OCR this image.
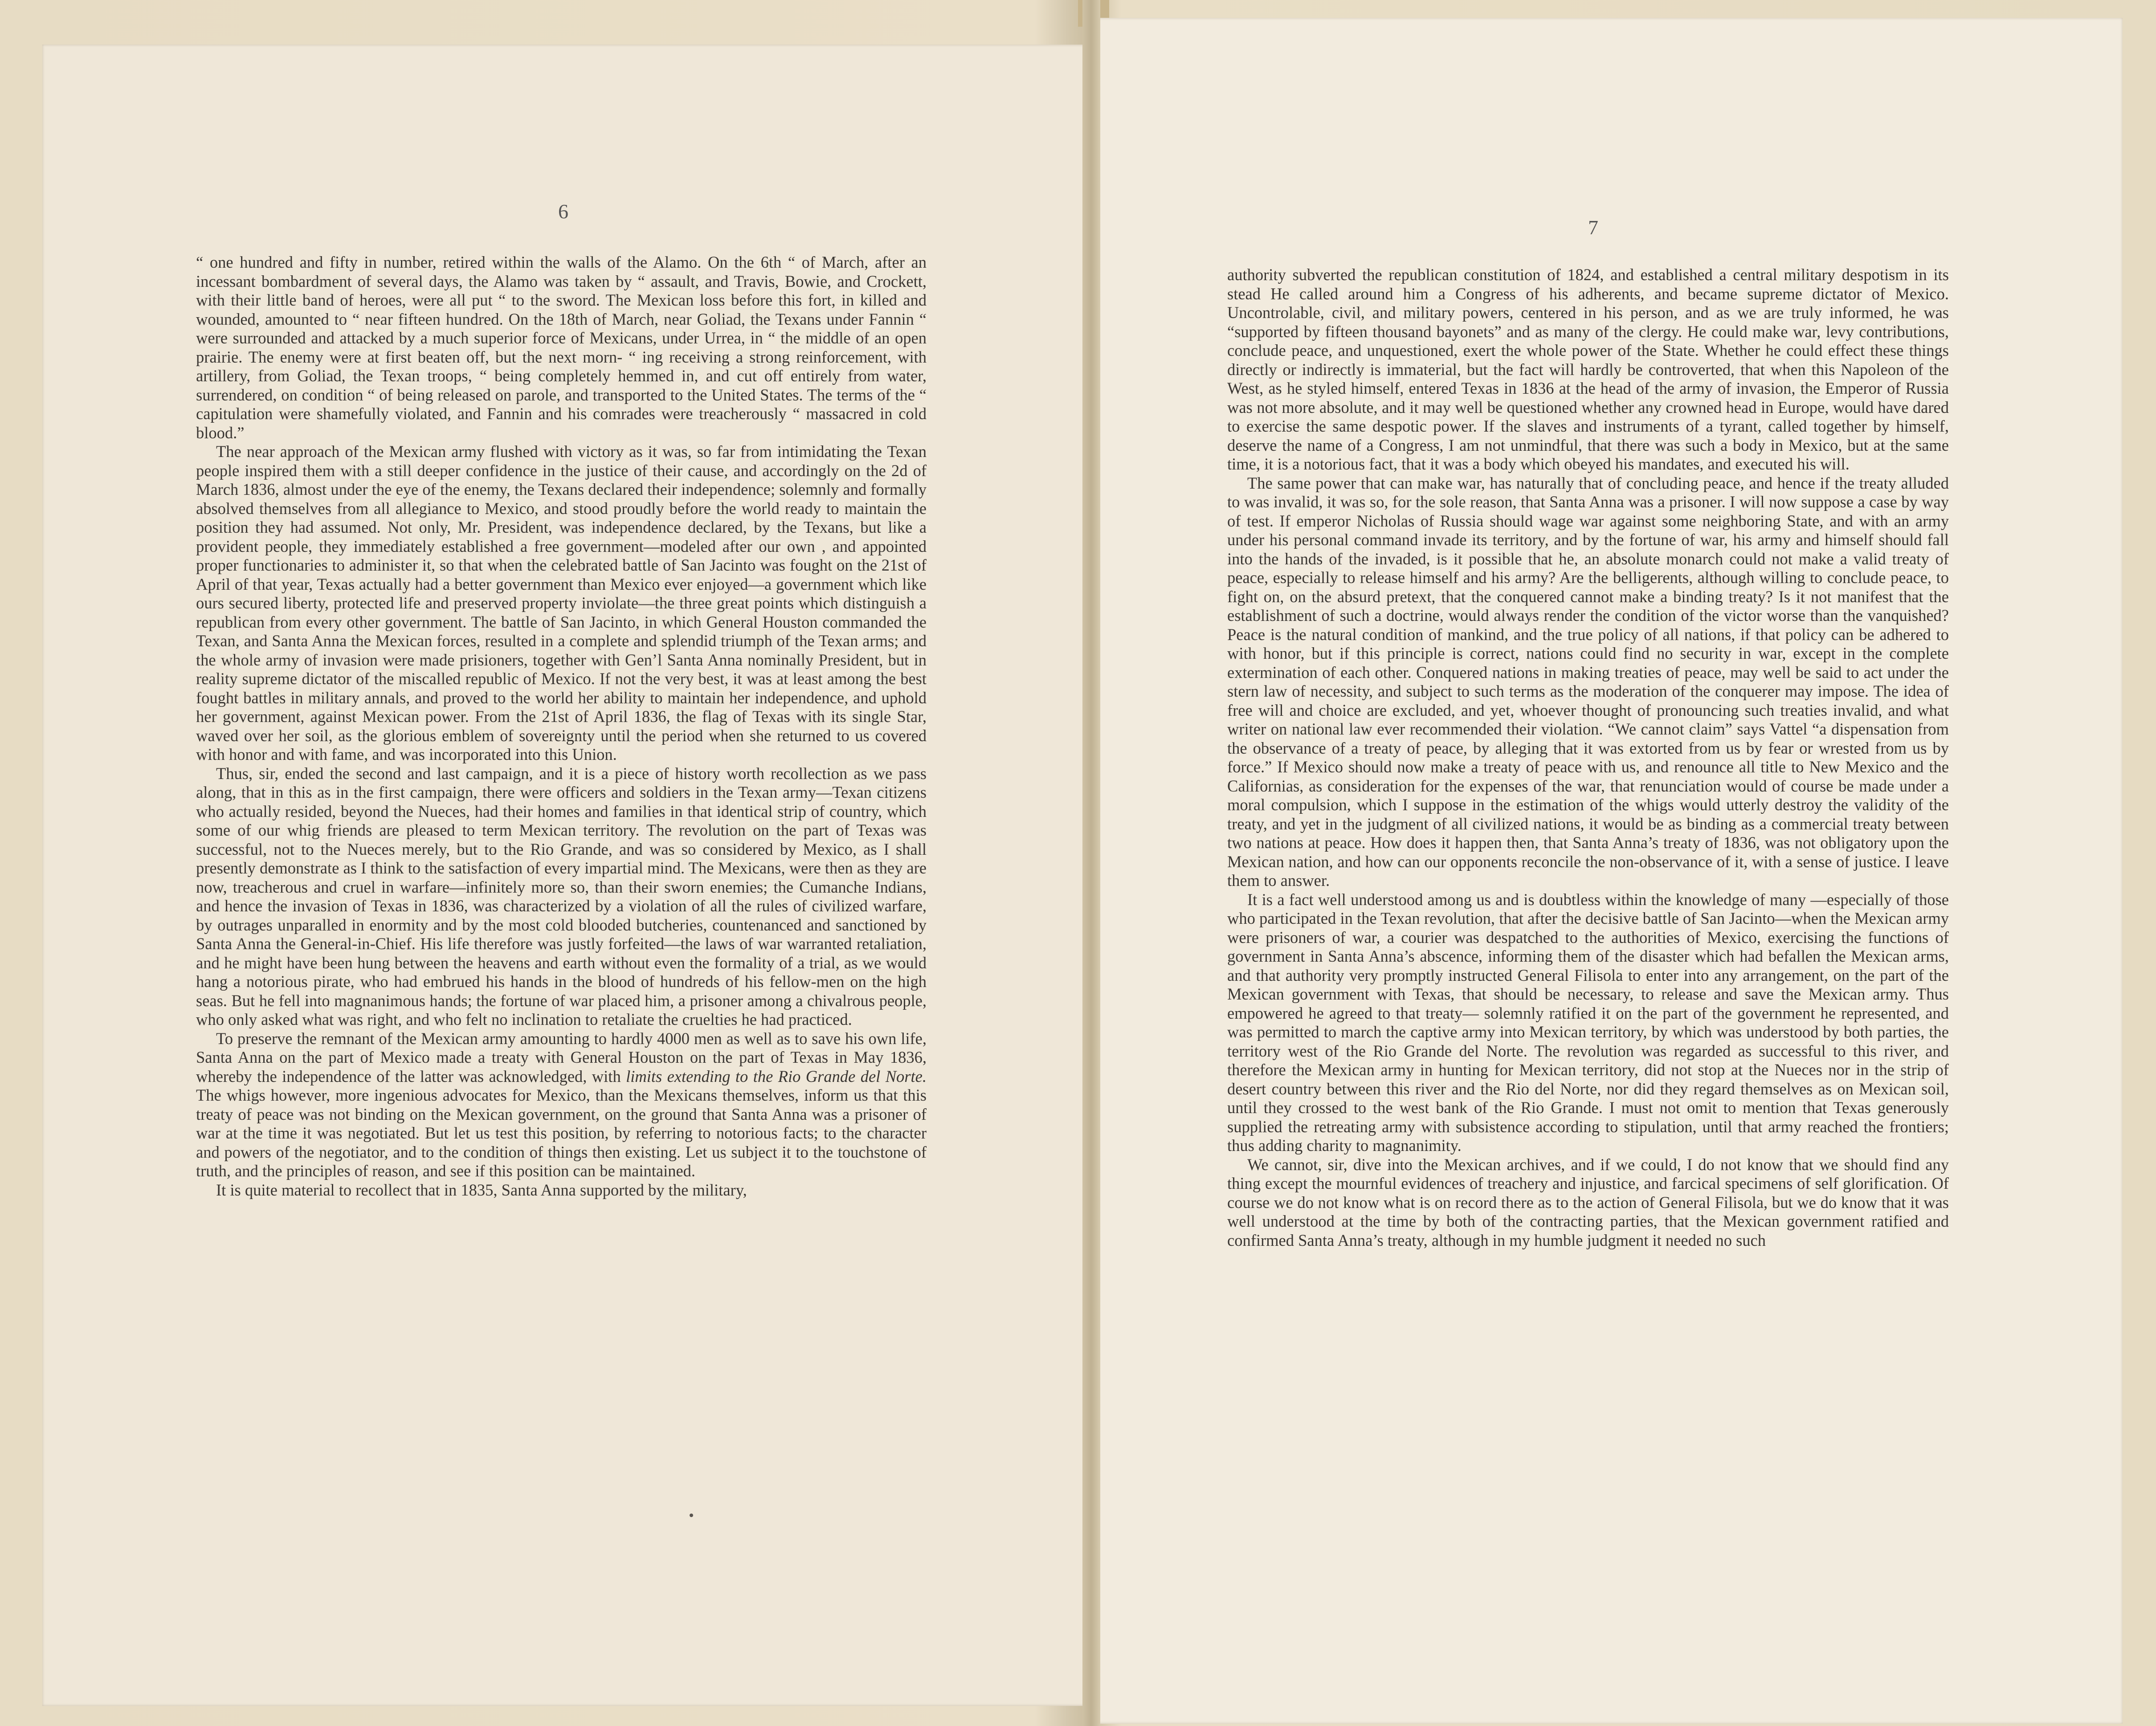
6
7

“ one hundred and fifty in number, retired within the walls of the Alamo. On the 6th “ of March, after an incessant bombardment of several days, the Alamo was taken by “ assault, and Travis, Bowie, and Crockett, with their little band of heroes, were all put “ to the sword. The Mexican loss before this fort, in killed and wounded, amounted to “ near fifteen hundred. On the 18th of March, near Goliad, the Texans under Fannin “ were surrounded and attacked by a much superior force of Mexicans, under Urrea, in “ the middle of an open prairie. The enemy were at first beaten off, but the next morn- “ ing receiving a strong reinforcement, with artillery, from Goliad, the Texan troops, “ being completely hemmed in, and cut off entirely from water, surrendered, on condition “ of being released on parole, and transported to the United States. The terms of the “ capitulation were shamefully violated, and Fannin and his comrades were treacherously “ massacred in cold blood.”

The near approach of the Mexican army flushed with victory as it was, so far from intimidating the Texan people inspired them with a still deeper confidence in the justice of their cause, and accordingly on the 2d of March 1836, almost under the eye of the enemy, the Texans declared their independence; solemnly and formally absolved themselves from all allegiance to Mexico, and stood proudly before the world ready to maintain the position they had assumed. Not only, Mr. President, was independence declared, by the Texans, but like a provident people, they immediately established a free government—modeled after our own , and appointed proper functionaries to administer it, so that when the celebrated battle of San Jacinto was fought on the 21st of April of that year, Texas actually had a better government than Mexico ever enjoyed—a government which like ours secured liberty, protected life and preserved property inviolate—the three great points which distinguish a republican from every other government. The battle of San Jacinto, in which General Houston commanded the Texan, and Santa Anna the Mexican forces, resulted in a complete and splendid triumph of the Texan arms; and the whole army of invasion were made prisioners, together with Gen’l Santa Anna nominally President, but in reality supreme dictator of the miscalled republic of Mexico. If not the very best, it was at least among the best fought battles in military annals, and proved to the world her ability to maintain her independence, and uphold her government, against Mexican power. From the 21st of April 1836, the flag of Texas with its single Star, waved over her soil, as the glorious emblem of sovereignty until the period when she returned to us covered with honor and with fame, and was incorporated into this Union.

Thus, sir, ended the second and last campaign, and it is a piece of history worth recollection as we pass along, that in this as in the first campaign, there were officers and soldiers in the Texan army—Texan citizens who actually resided, beyond the Nueces, had their homes and families in that identical strip of country, which some of our whig friends are pleased to term Mexican territory. The revolution on the part of Texas was successful, not to the Nueces merely, but to the Rio Grande, and was so considered by Mexico, as I shall presently demonstrate as I think to the satisfaction of every impartial mind. The Mexicans, were then as they are now, treacherous and cruel in warfare—infinitely more so, than their sworn enemies; the Cumanche Indians, and hence the invasion of Texas in 1836, was characterized by a violation of all the rules of civilized warfare, by outrages unparalled in enormity and by the most cold blooded butcheries, countenanced and sanctioned by Santa Anna the General-in-Chief. His life therefore was justly forfeited—the laws of war warranted retaliation, and he might have been hung between the heavens and earth without even the formality of a trial, as we would hang a notorious pirate, who had embrued his hands in the blood of hundreds of his fellow-men on the high seas. But he fell into magnanimous hands; the fortune of war placed him, a prisoner among a chivalrous people, who only asked what was right, and who felt no inclination to retaliate the cruelties he had practiced.

To preserve the remnant of the Mexican army amounting to hardly 4000 men as well as to save his own life, Santa Anna on the part of Mexico made a treaty with General Houston on the part of Texas in May 1836, whereby the independence of the latter was acknowledged, with limits extending to the Rio Grande del Norte. The whigs however, more ingenious advocates for Mexico, than the Mexicans themselves, inform us that this treaty of peace was not binding on the Mexican government, on the ground that Santa Anna was a prisoner of war at the time it was negotiated. But let us test this position, by referring to notorious facts; to the character and powers of the negotiator, and to the condition of things then existing. Let us subject it to the touchstone of truth, and the principles of reason, and see if this position can be maintained.

It is quite material to recollect that in 1835, Santa Anna supported by the military,

authority subverted the republican constitution of 1824, and established a central military despotism in its stead He called around him a Congress of his adherents, and became supreme dictator of Mexico. Uncontrolable, civil, and military powers, centered in his person, and as we are truly informed, he was “supported by fifteen thousand bayonets” and as many of the clergy. He could make war, levy contributions, conclude peace, and unquestioned, exert the whole power of the State. Whether he could effect these things directly or indirectly is immaterial, but the fact will hardly be controverted, that when this Napoleon of the West, as he styled himself, entered Texas in 1836 at the head of the army of invasion, the Emperor of Russia was not more absolute, and it may well be questioned whether any crowned head in Europe, would have dared to exercise the same despotic power. If the slaves and instruments of a tyrant, called together by himself, deserve the name of a Congress, I am not unmindful, that there was such a body in Mexico, but at the same time, it is a notorious fact, that it was a body which obeyed his mandates, and executed his will.

The same power that can make war, has naturally that of concluding peace, and hence if the treaty alluded to was invalid, it was so, for the sole reason, that Santa Anna was a prisoner. I will now suppose a case by way of test. If emperor Nicholas of Russia should wage war against some neighboring State, and with an army under his personal command invade its territory, and by the fortune of war, his army and himself should fall into the hands of the invaded, is it possible that he, an absolute monarch could not make a valid treaty of peace, especially to release himself and his army? Are the belligerents, although willing to conclude peace, to fight on, on the absurd pretext, that the conquered cannot make a binding treaty? Is it not manifest that the establishment of such a doctrine, would always render the condition of the victor worse than the vanquished? Peace is the natural condition of mankind, and the true policy of all nations, if that policy can be adhered to with honor, but if this principle is correct, nations could find no security in war, except in the complete extermination of each other. Conquered nations in making treaties of peace, may well be said to act under the stern law of necessity, and subject to such terms as the moderation of the conquerer may impose. The idea of free will and choice are excluded, and yet, whoever thought of pronouncing such treaties invalid, and what writer on national law ever recommended their violation. “We cannot claim” says Vattel “a dispensation from the observance of a treaty of peace, by alleging that it was extorted from us by fear or wrested from us by force.” If Mexico should now make a treaty of peace with us, and renounce all title to New Mexico and the Californias, as consideration for the expenses of the war, that renunciation would of course be made under a moral compulsion, which I suppose in the estimation of the whigs would utterly destroy the validity of the treaty, and yet in the judgment of all civilized nations, it would be as binding as a commercial treaty between two nations at peace. How does it happen then, that Santa Anna’s treaty of 1836, was not obligatory upon the Mexican nation, and how can our opponents reconcile the non-observance of it, with a sense of justice. I leave them to answer.

It is a fact well understood among us and is doubtless within the knowledge of many —especially of those who participated in the Texan revolution, that after the decisive battle of San Jacinto—when the Mexican army were prisoners of war, a courier was despatched to the authorities of Mexico, exercising the functions of government in Santa Anna’s abscence, informing them of the disaster which had befallen the Mexican arms, and that authority very promptly instructed General Filisola to enter into any arrangement, on the part of the Mexican government with Texas, that should be necessary, to release and save the Mexican army. Thus empowered he agreed to that treaty— solemnly ratified it on the part of the government he represented, and was permitted to march the captive army into Mexican territory, by which was understood by both parties, the territory west of the Rio Grande del Norte. The revolution was regarded as successful to this river, and therefore the Mexican army in hunting for Mexican territory, did not stop at the Nueces nor in the strip of desert country between this river and the Rio del Norte, nor did they regard themselves as on Mexican soil, until they crossed to the west bank of the Rio Grande. I must not omit to mention that Texas generously supplied the retreating army with subsistence according to stipulation, until that army reached the frontiers; thus adding charity to magnanimity.

We cannot, sir, dive into the Mexican archives, and if we could, I do not know that we should find any thing except the mournful evidences of treachery and injustice, and farcical specimens of self glorification. Of course we do not know what is on record there as to the action of General Filisola, but we do know that it was well understood at the time by both of the contracting parties, that the Mexican government ratified and confirmed Santa Anna’s treaty, although in my humble judgment it needed no such
